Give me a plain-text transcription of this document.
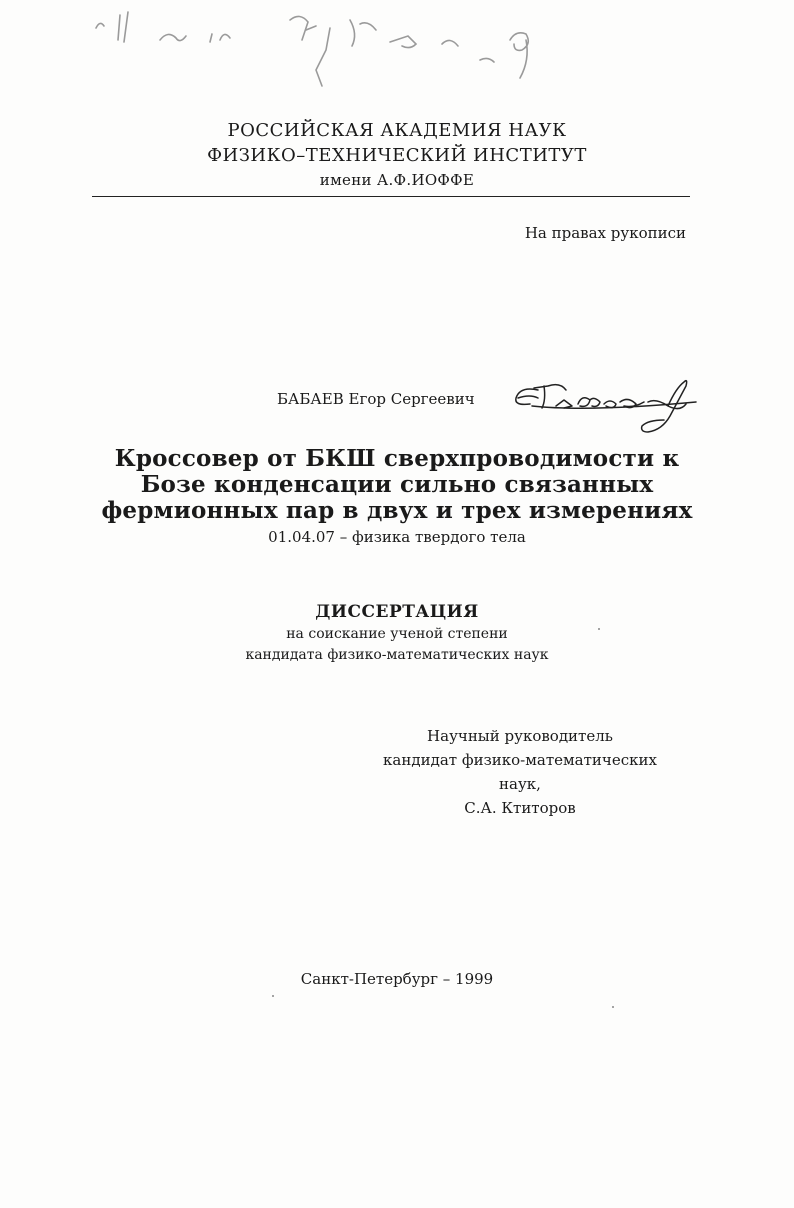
РОССИЙСКАЯ АКАДЕМИЯ НАУК
ФИЗИКО–ТЕХНИЧЕСКИЙ ИНСТИТУТ
имени А.Ф.ИОФФЕ
На правах рукописи
БАБАЕВ Егор Сергеевич
Кроссовер от БКШ сверхпроводимости к
Бозе конденсации сильно связанных
фермионных пар в двух и трех измерениях
01.04.07 – физика твердого тела
ДИССЕРТАЦИЯ
на соискание ученой степени
кандидата физико-математических наук
Научный руководитель
кандидат физико-математических
наук,
С.А. Ктиторов
Санкт-Петербург – 1999
